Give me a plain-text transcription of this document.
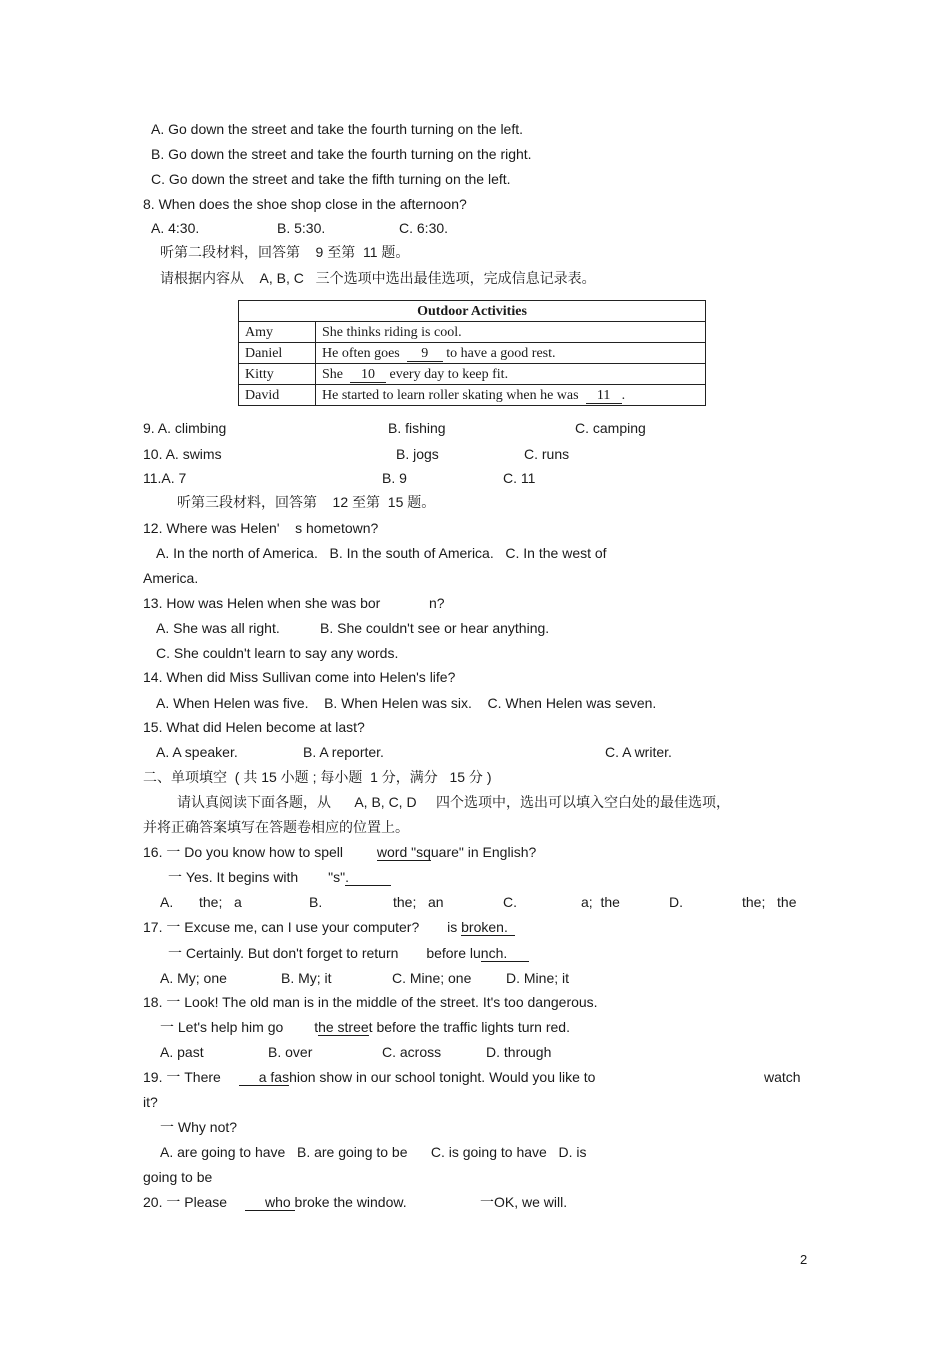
A. Go down the street and take the fourth turning on the left.
B. Go down the street and take the fourth turning on the right.
C. Go down the street and take the fifth turning on the left.
8. When does the shoe shop close in the afternoon?
A. 4:30.	B. 5:30.	C. 6:30.
听第二段材料，回答第    9 至第  11 题。
请根据内容从    A, B, C   三个选项中选出最佳选项，完成信息记录表。
Outdoor Activities	
Amy	She thinks riding is cool.
Daniel	He often goes  9 to have a good rest.
Kitty	She  10 every day to keep fit.
David	He started to learn roller skating when he was  11 .
9. A. climbing	B. fishing	C. camping
10. A. swims	B. jogs	C. runs
11.A. 7	B. 9	C. 11
听第三段材料，回答第    12 至第  15 题。
12. Where was Helen'    s hometown?
A. In the north of America.   B. In the south of America.   C. In the west of
America.
13. How was Helen when she was bor	n?
A. She was all right.	B. She couldn't see or hear anything.
C. She couldn't learn to say any words.
14. When did Miss Sullivan come into Helen's life?
A. When Helen was five.    B. When Helen was six.    C. When Helen was seven.
15. What did Helen become at last?
A. A speaker.	B. A reporter.	C. A writer.
二、单项填空  ( 共 15 小题 ; 每小题  1 分，满分   15 分 )
请认真阅读下面各题，从      A, B, C, D     四个选项中，选出可以填入空白处的最佳选项，
并将正确答案填写在答题卷相应的位置上。
16. 一 Do you know how to spell word "square" in English?
一 Yes. It begins with "s".
A. the;   a	B.	the;   an	C.	a;  the	D.	the;   the
17. 一 Excuse me, can I use your computer? is broken.
一 Certainly. But don't forget to return before lunch.
A. My; one	B. My; it	C. Mine; one D. Mine; it
18. 一 Look! The old man is in the middle of the street. It's too dangerous.
一 Let's help him go the street before the traffic lights turn red.
A. past	B. over	C. across	D. through
19. 一 There	a fashion show in our school tonight. Would you like to	watch
it?
一 Why not?
A. are going to have   B. are going to be      C. is going to have   D. is
going to be
20. 一 Please	who broke the window.	一OK, we will.
2
